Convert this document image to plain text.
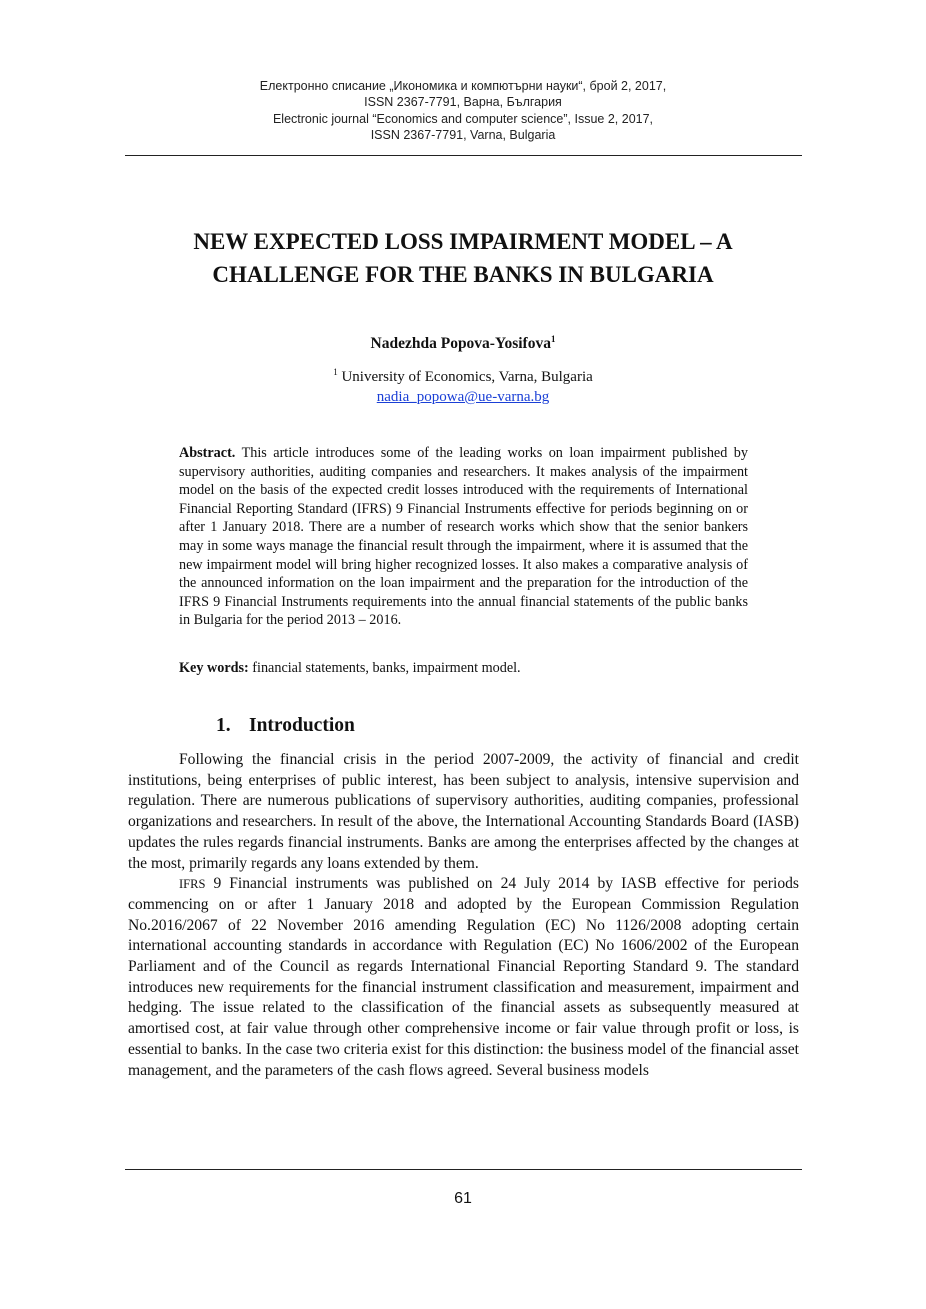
Електронно списание „Икономика и компютърни науки“, брой 2, 2017,
ISSN 2367-7791, Варна, България
Electronic journal “Economics and computer science”, Issue 2, 2017,
ISSN 2367-7791, Varna, Bulgaria
NEW EXPECTED LOSS IMPAIRMENT MODEL – A
CHALLENGE FOR THE BANKS IN BULGARIA
Nadezhda Popova-Yosifova$^1$
$^1$ University of Economics, Varna, Bulgaria
nadia_popowa@ue-varna.bg
Abstract. This article introduces some of the leading works on loan impairment published by supervisory authorities, auditing companies and researchers. It makes analysis of the impairment model on the basis of the expected credit losses introduced with the requirements of International Financial Reporting Standard (IFRS) 9 Financial Instruments effective for periods beginning on or after 1 January 2018. There are a number of research works which show that the senior bankers may in some ways manage the financial result through the impairment, where it is assumed that the new impairment model will bring higher recognized losses. It also makes a comparative analysis of the announced information on the loan impairment and the preparation for the introduction of the IFRS 9 Financial Instruments requirements into the annual financial statements of the public banks in Bulgaria for the period 2013 – 2016.
Key words: financial statements, banks, impairment model.
1. Introduction

Following the financial crisis in the period 2007-2009, the activity of financial and credit institutions, being enterprises of public interest, has been subject to analysis, intensive supervision and regulation. There are numerous publications of supervisory authorities, auditing companies, professional organizations and researchers. In result of the above, the International Accounting Standards Board (IASB) updates the rules regards financial instruments. Banks are among the enterprises affected by the changes at the most, primarily regards any loans extended by them.

IFRS 9 Financial instruments was published on 24 July 2014 by IASB effective for periods commencing on or after 1 January 2018 and adopted by the European Commission Regulation No.2016/2067 of 22 November 2016 amending Regulation (EC) No 1126/2008 adopting certain international accounting standards in accordance with Regulation (EC) No 1606/2002 of the European Parliament and of the Council as regards International Financial Reporting Standard 9. The standard introduces new requirements for the financial instrument classification and measurement, impairment and hedging. The issue related to the classification of the financial assets as subsequently measured at amortised cost, at fair value through other comprehensive income or fair value through profit or loss, is essential to banks. In the case two criteria exist for this distinction: the business model of the financial asset management, and the parameters of the cash flows agreed. Several business models

61
